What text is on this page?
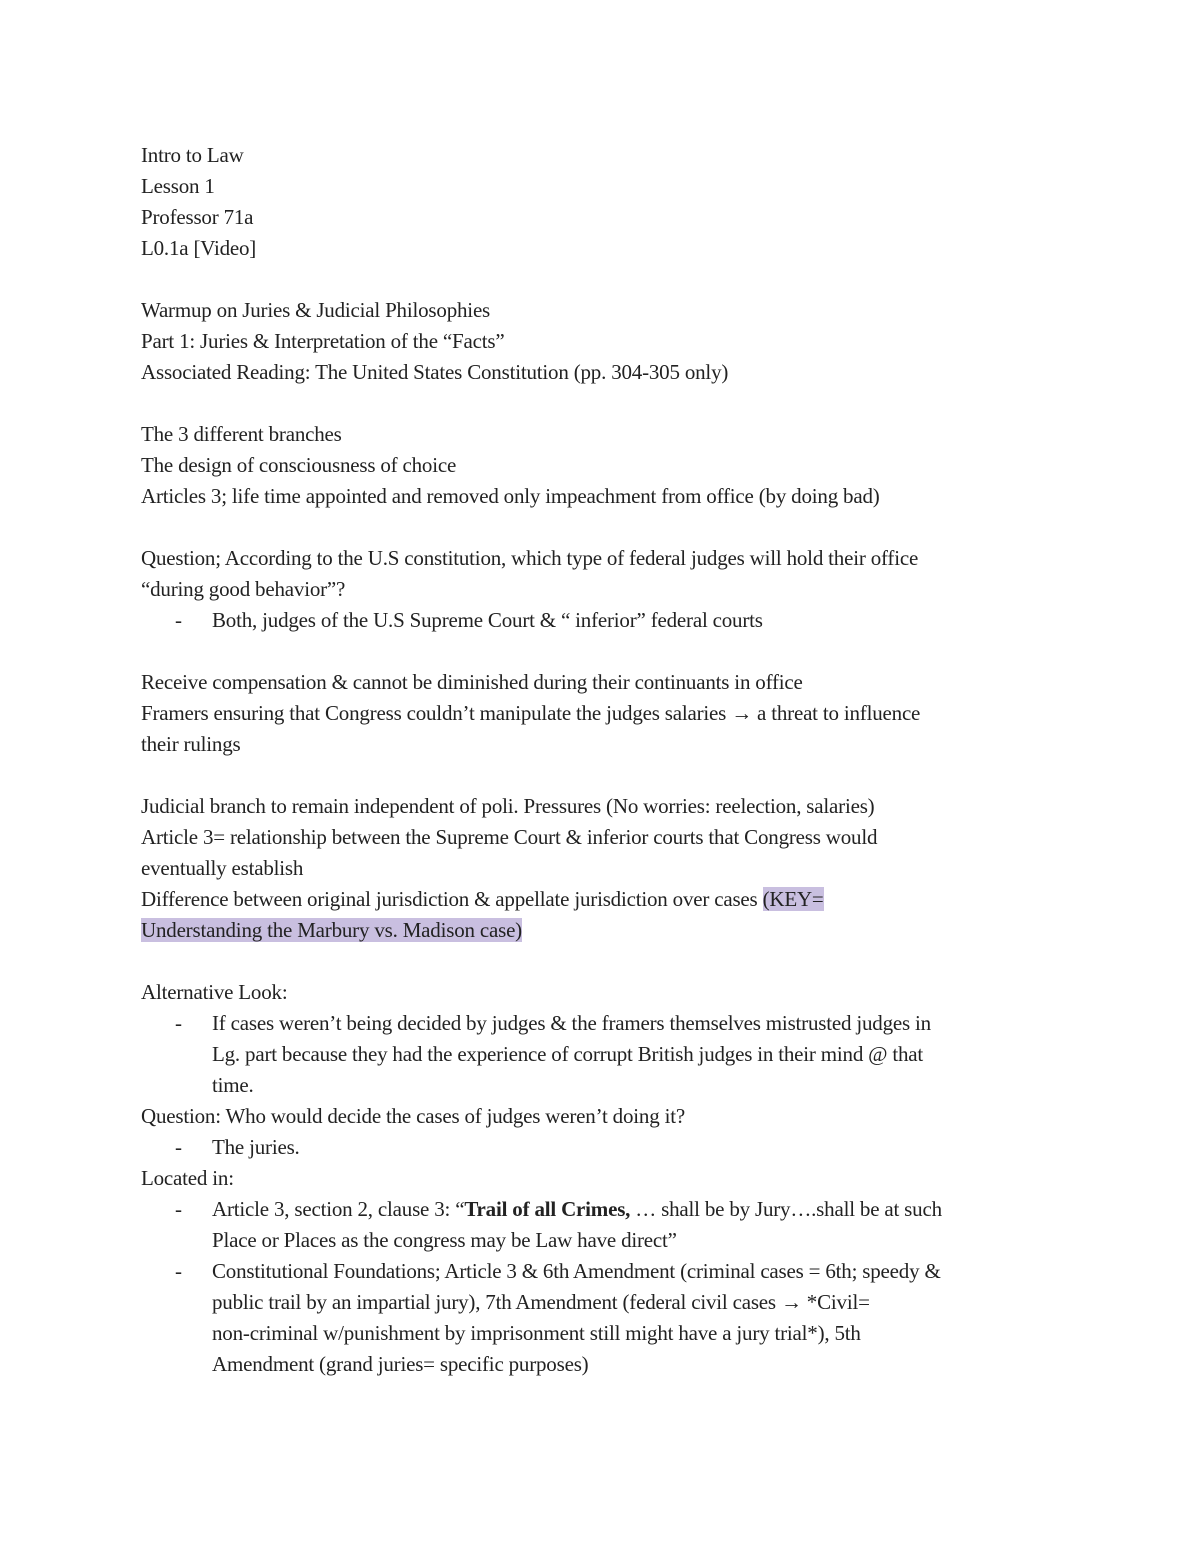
Intro to Law
Lesson 1
Professor 71a
L0.1a [Video]
Warmup on Juries & Judicial Philosophies
Part 1: Juries & Interpretation of the “Facts”
Associated Reading: The United States Constitution (pp. 304-305 only)
The 3 different branches
The design of consciousness of choice
Articles 3; life time appointed and removed only impeachment from office (by doing bad)
Question; According to the U.S constitution, which type of federal judges will hold their office
“during good behavior”?
- Both, judges of the U.S Supreme Court & “ inferior” federal courts
Receive compensation & cannot be diminished during their continuants in office
Framers ensuring that Congress couldn’t manipulate the judges salaries → a threat to influence
their rulings
Judicial branch to remain independent of poli. Pressures (No worries: reelection, salaries)
Article 3= relationship between the Supreme Court & inferior courts that Congress would
eventually establish
Difference between original jurisdiction & appellate jurisdiction over cases (KEY=
Understanding the Marbury vs. Madison case)
Alternative Look:
- If cases weren’t being decided by judges & the framers themselves mistrusted judges in
Lg. part because they had the experience of corrupt British judges in their mind @ that
time.
Question: Who would decide the cases of judges weren’t doing it?
- The juries.
Located in:
- Article 3, section 2, clause 3: “Trail of all Crimes, … shall be by Jury….shall be at such
Place or Places as the congress may be Law have direct”
- Constitutional Foundations; Article 3 & 6th Amendment (criminal cases = 6th; speedy &
public trail by an impartial jury), 7th Amendment (federal civil cases → *Civil=
non-criminal w/punishment by imprisonment still might have a jury trial*), 5th
Amendment (grand juries= specific purposes)
